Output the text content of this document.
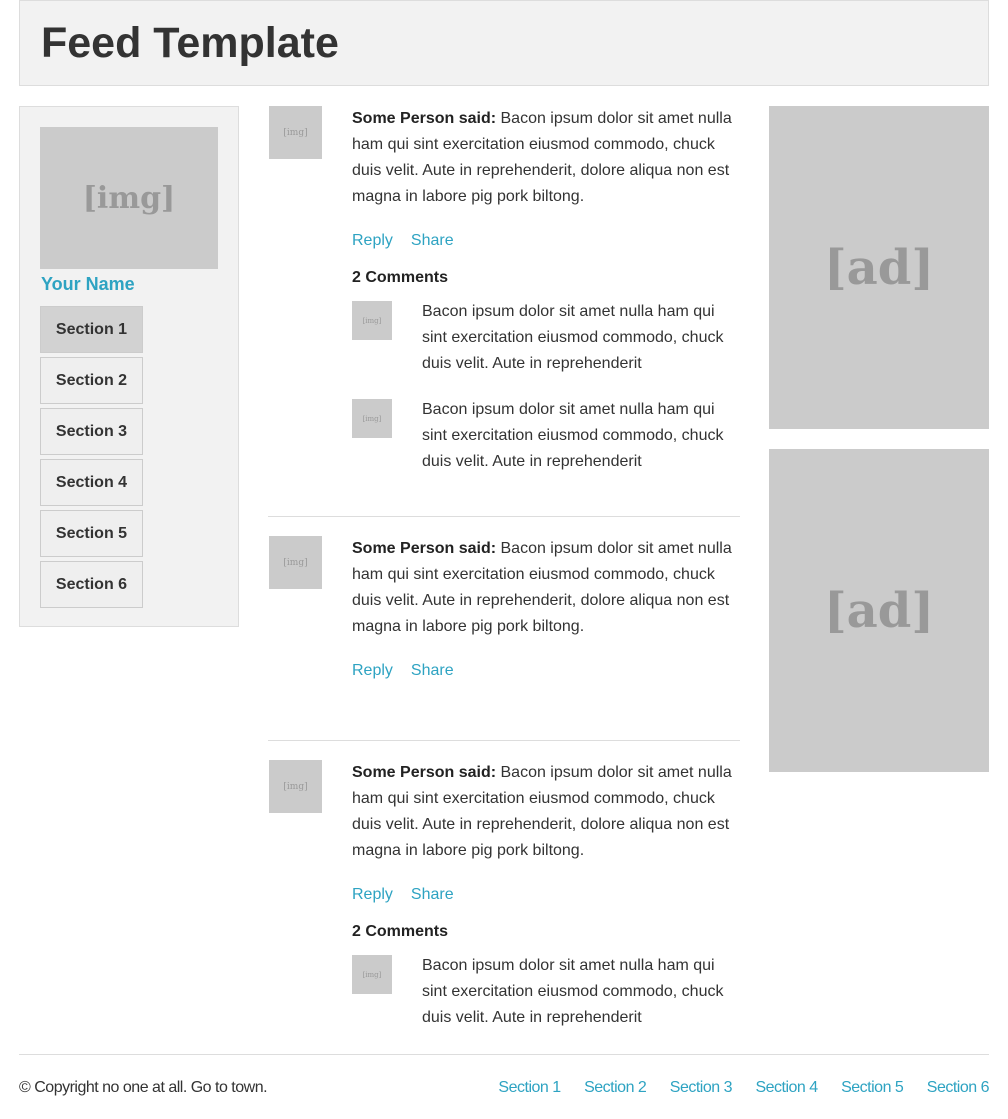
Feed Template
[img]
Your Name
Section 1
Section 2
Section 3
Section 4
Section 5
Section 6
[img]

Some Person said: Bacon ipsum dolor sit amet nulla ham qui sint exercitation eiusmod commodo, chuck duis velit. Aute in reprehenderit, dolore aliqua non est magna in labore pig pork biltong.

Reply Share
2 Comments
[img]

Bacon ipsum dolor sit amet nulla ham qui sint exercitation eiusmod commodo, chuck duis velit. Aute in reprehenderit

[img]

Bacon ipsum dolor sit amet nulla ham qui sint exercitation eiusmod commodo, chuck duis velit. Aute in reprehenderit

[img]

Some Person said: Bacon ipsum dolor sit amet nulla ham qui sint exercitation eiusmod commodo, chuck duis velit. Aute in reprehenderit, dolore aliqua non est magna in labore pig pork biltong.

Reply Share
[img]

Some Person said: Bacon ipsum dolor sit amet nulla ham qui sint exercitation eiusmod commodo, chuck duis velit. Aute in reprehenderit, dolore aliqua non est magna in labore pig pork biltong.

Reply Share
2 Comments
[img]

Bacon ipsum dolor sit amet nulla ham qui sint exercitation eiusmod commodo, chuck duis velit. Aute in reprehenderit

[ad]
[ad]
© Copyright no one at all. Go to town.	Section 1 Section 2 Section 3 Section 4 Section 5 Section 6
